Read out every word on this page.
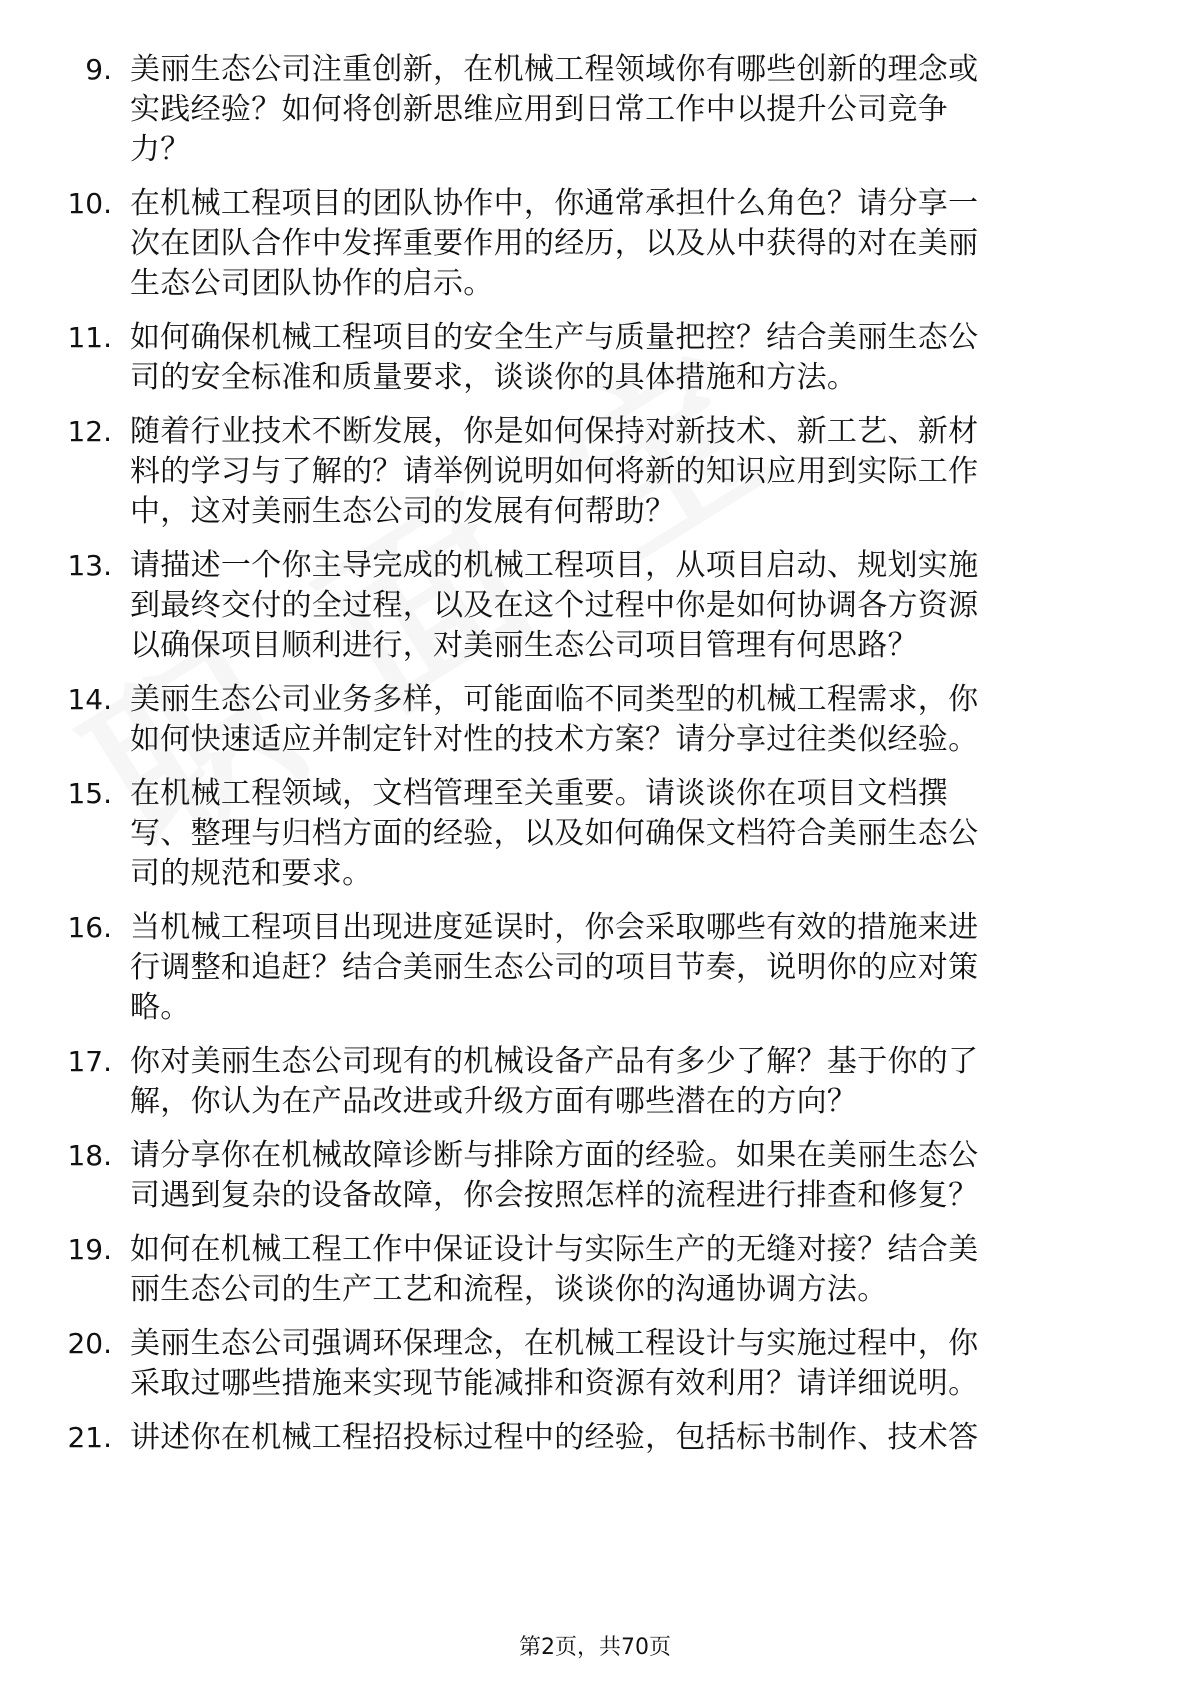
9. 美丽生态公司注重创新，在机械工程领域你有哪些创新的理念或
实践经验？如何将创新思维应用到日常工作中以提升公司竞争
力？
10. 在机械工程项目的团队协作中，你通常承担什么角色？请分享一
次在团队合作中发挥重要作用的经历，以及从中获得的对在美丽
生态公司团队协作的启示。
11. 如何确保机械工程项目的安全生产与质量把控？结合美丽生态公
司的安全标准和质量要求，谈谈你的具体措施和方法。
12. 随着行业技术不断发展，你是如何保持对新技术、新工艺、新材
料的学习与了解的？请举例说明如何将新的知识应用到实际工作
中，这对美丽生态公司的发展有何帮助？
13. 请描述一个你主导完成的机械工程项目，从项目启动、规划实施
到最终交付的全过程，以及在这个过程中你是如何协调各方资源
以确保项目顺利进行，对美丽生态公司项目管理有何思路？
14. 美丽生态公司业务多样，可能面临不同类型的机械工程需求，你
如何快速适应并制定针对性的技术方案？请分享过往类似经验。
15. 在机械工程领域，文档管理至关重要。请谈谈你在项目文档撰
写、整理与归档方面的经验，以及如何确保文档符合美丽生态公
司的规范和要求。
16. 当机械工程项目出现进度延误时，你会采取哪些有效的措施来进
行调整和追赶？结合美丽生态公司的项目节奏，说明你的应对策
略。
17. 你对美丽生态公司现有的机械设备产品有多少了解？基于你的了
解，你认为在产品改进或升级方面有哪些潜在的方向？
18. 请分享你在机械故障诊断与排除方面的经验。如果在美丽生态公
司遇到复杂的设备故障，你会按照怎样的流程进行排查和修复？
19. 如何在机械工程工作中保证设计与实际生产的无缝对接？结合美
丽生态公司的生产工艺和流程，谈谈你的沟通协调方法。
20. 美丽生态公司强调环保理念，在机械工程设计与实施过程中，你
采取过哪些措施来实现节能减排和资源有效利用？请详细说明。
21. 讲述你在机械工程招投标过程中的经验，包括标书制作、技术答
第2页，共70页
